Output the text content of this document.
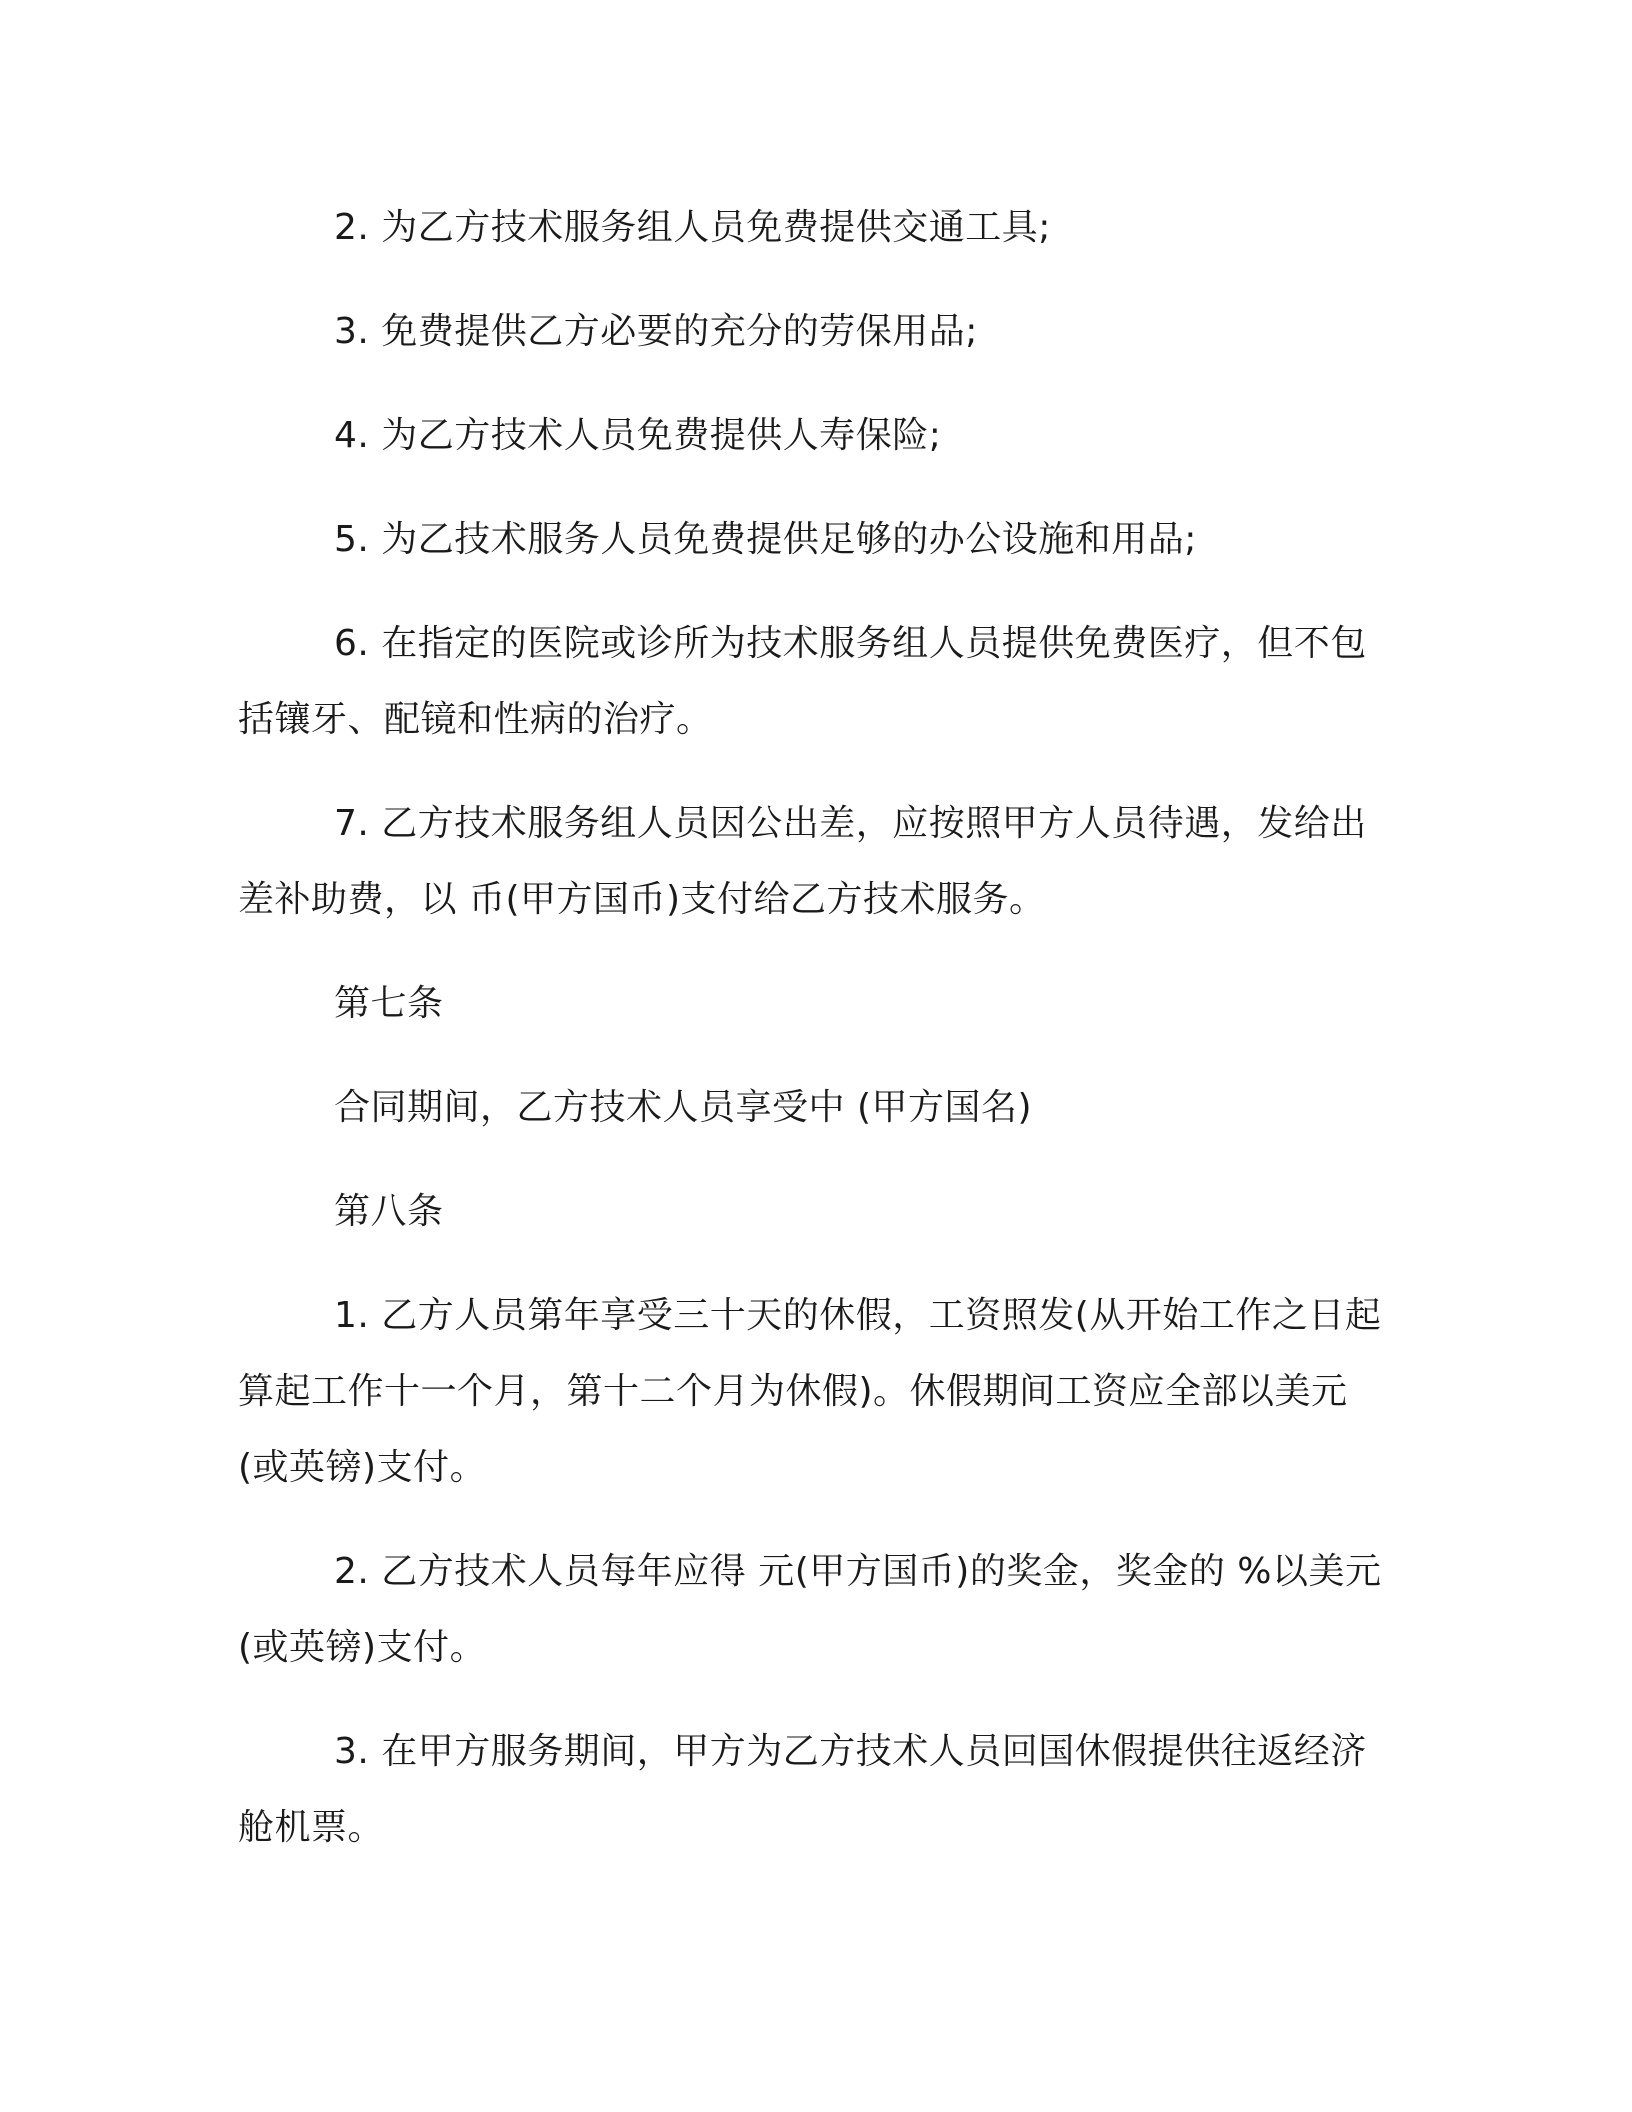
2. 为乙方技术服务组人员免费提供交通工具;

3. 免费提供乙方必要的充分的劳保用品;

4. 为乙方技术人员免费提供人寿保险;

5. 为乙技术服务人员免费提供足够的办公设施和用品;

6. 在指定的医院或诊所为技术服务组人员提供免费医疗，但不包括镶牙、配镜和性病的治疗。

7. 乙方技术服务组人员因公出差，应按照甲方人员待遇，发给出差补助费，以 币(甲方国币)支付给乙方技术服务。

第七条

合同期间，乙方技术人员享受中 (甲方国名)

第八条

1. 乙方人员第年享受三十天的休假，工资照发(从开始工作之日起算起工作十一个月，第十二个月为休假)。休假期间工资应全部以美元(或英镑)支付。

2. 乙方技术人员每年应得 元(甲方国币)的奖金，奖金的 %以美元(或英镑)支付。

3. 在甲方服务期间，甲方为乙方技术人员回国休假提供往返经济舱机票。
